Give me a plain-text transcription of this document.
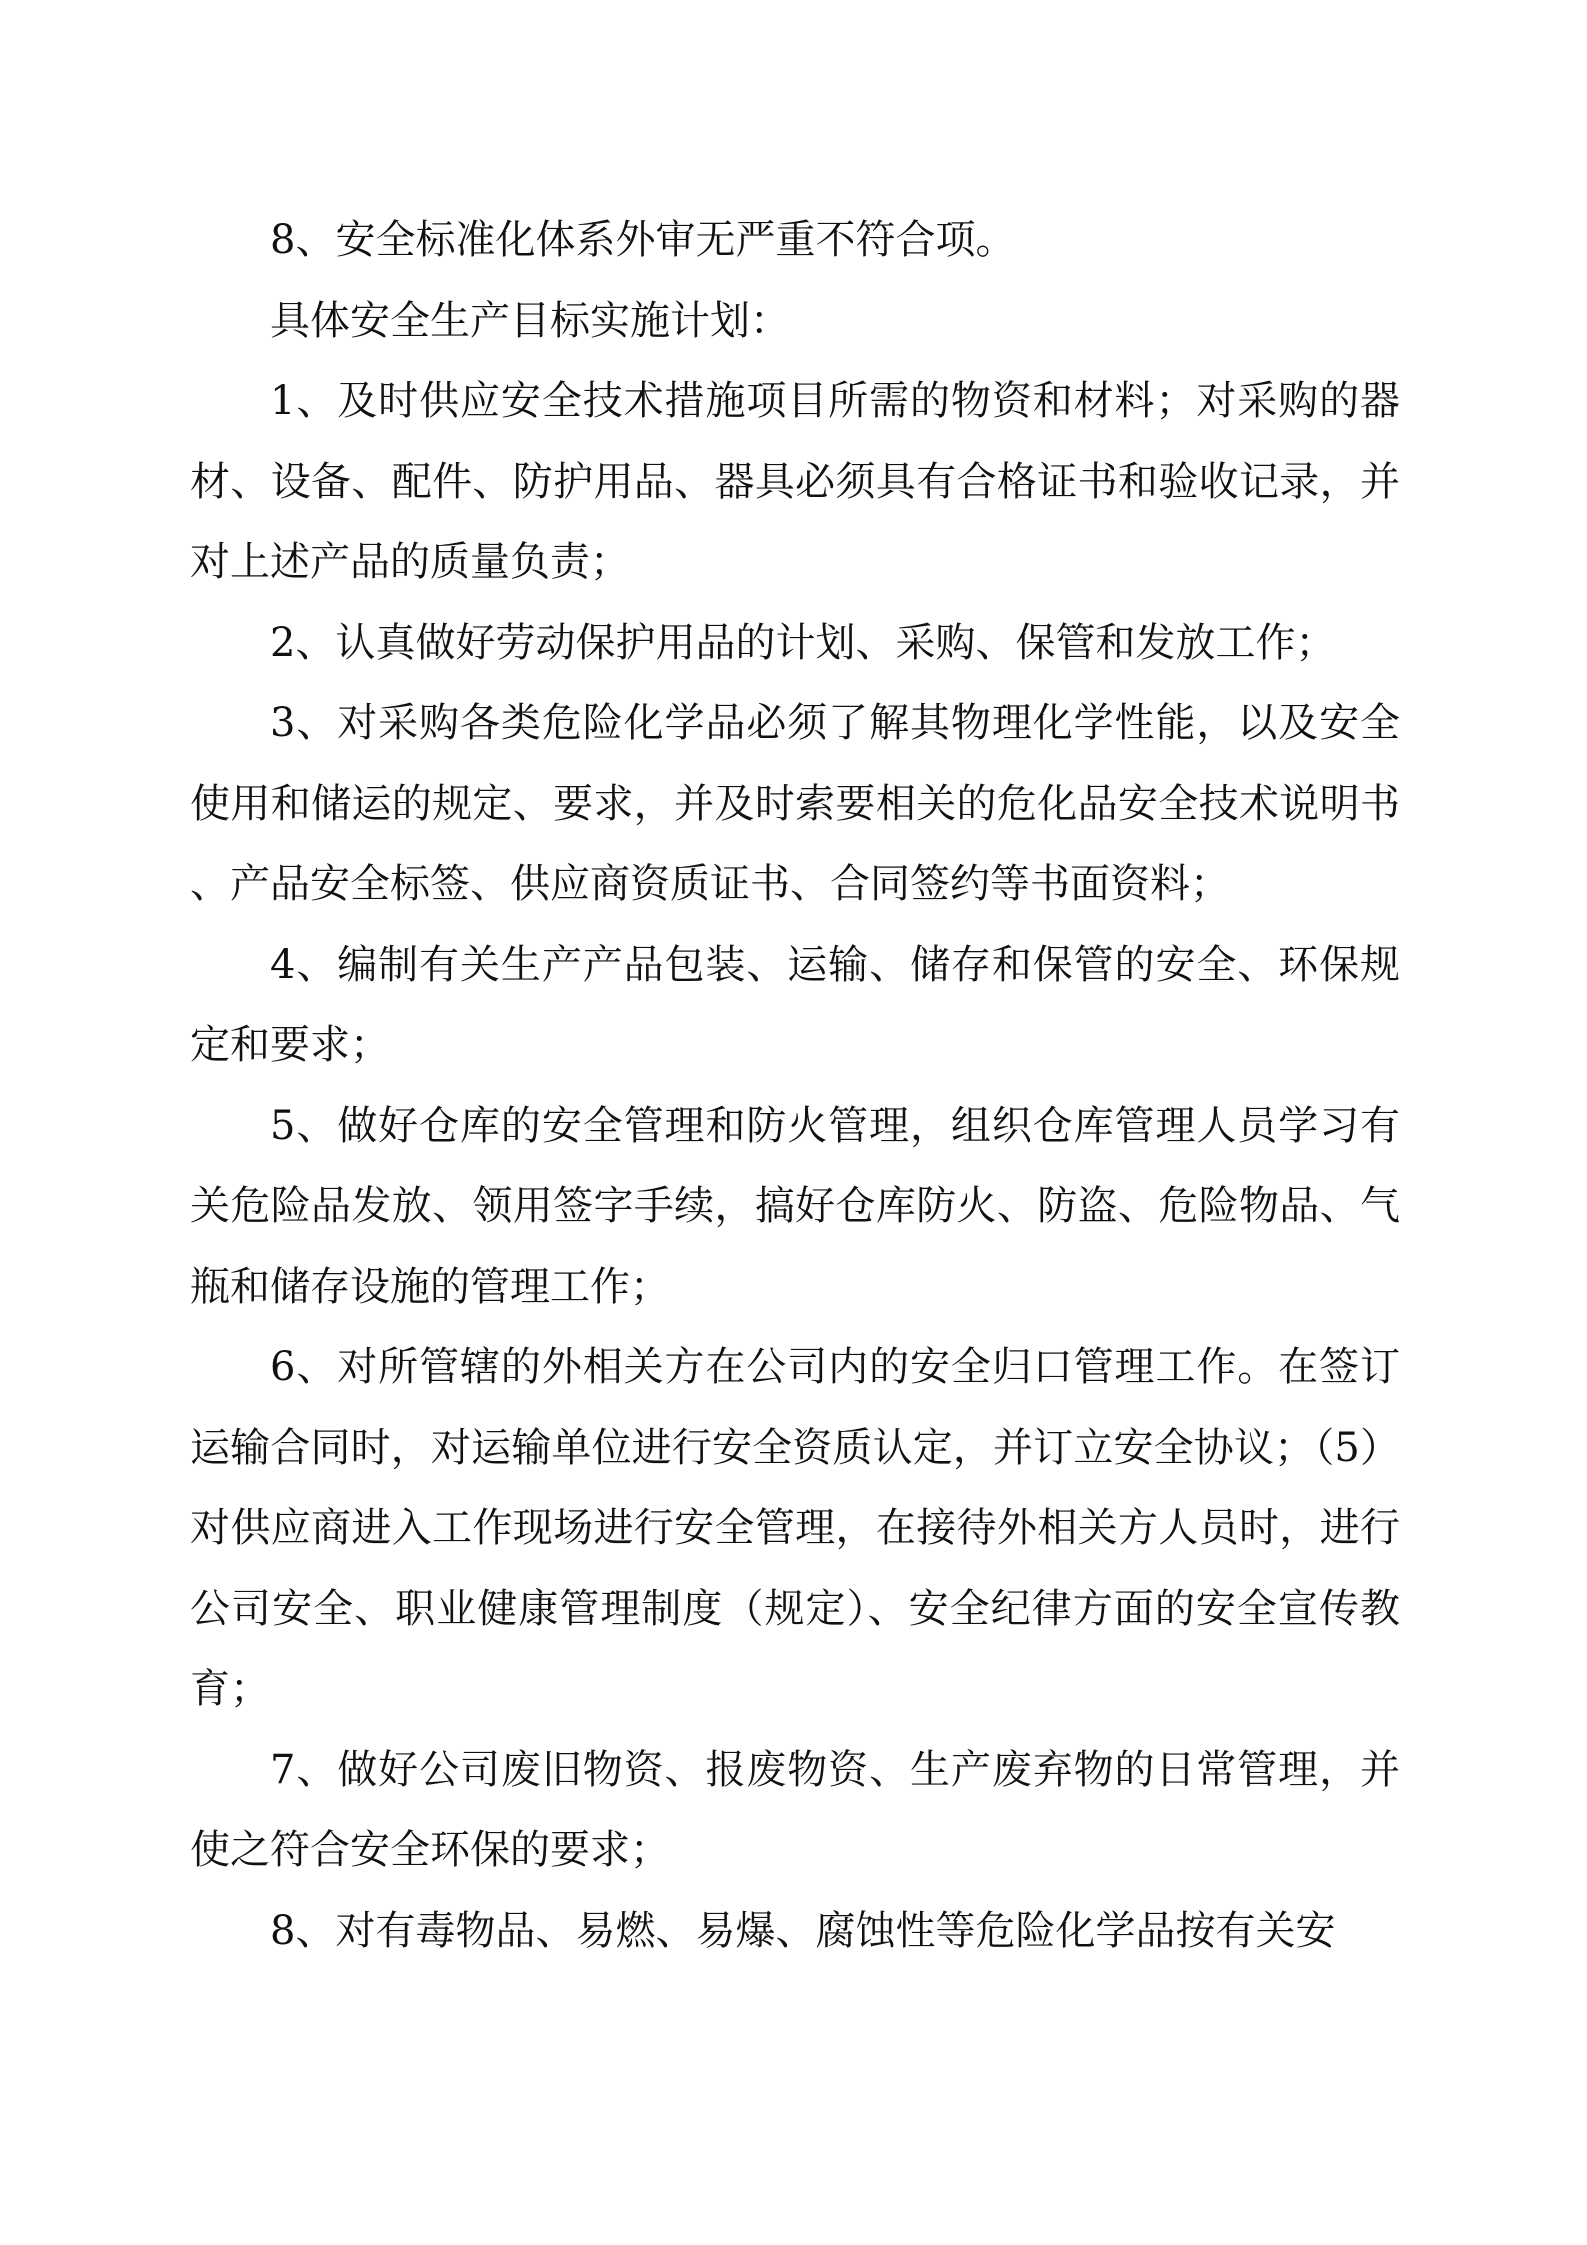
8、安全标准化体系外审无严重不符合项。

具体安全生产目标实施计划：

1、及时供应安全技术措施项目所需的物资和材料；对采购的器材、设备、配件、防护用品、器具必须具有合格证书和验收记录，并对上述产品的质量负责；

2、认真做好劳动保护用品的计划、采购、保管和发放工作；

3、对采购各类危险化学品必须了解其物理化学性能，以及安全使用和储运的规定、要求，并及时索要相关的危化品安全技术说明书、产品安全标签、供应商资质证书、合同签约等书面资料；

4、编制有关生产产品包装、运输、储存和保管的安全、环保规定和要求；

5、做好仓库的安全管理和防火管理，组织仓库管理人员学习有关危险品发放、领用签字手续，搞好仓库防火、防盗、危险物品、气瓶和储存设施的管理工作；

6、对所管辖的外相关方在公司内的安全归口管理工作。在签订运输合同时，对运输单位进行安全资质认定，并订立安全协议；（5）对供应商进入工作现场进行安全管理，在接待外相关方人员时，进行公司安全、职业健康管理制度（规定）、安全纪律方面的安全宣传教育；

7、做好公司废旧物资、报废物资、生产废弃物的日常管理，并使之符合安全环保的要求；

8、对有毒物品、易燃、易爆、腐蚀性等危险化学品按有关安
